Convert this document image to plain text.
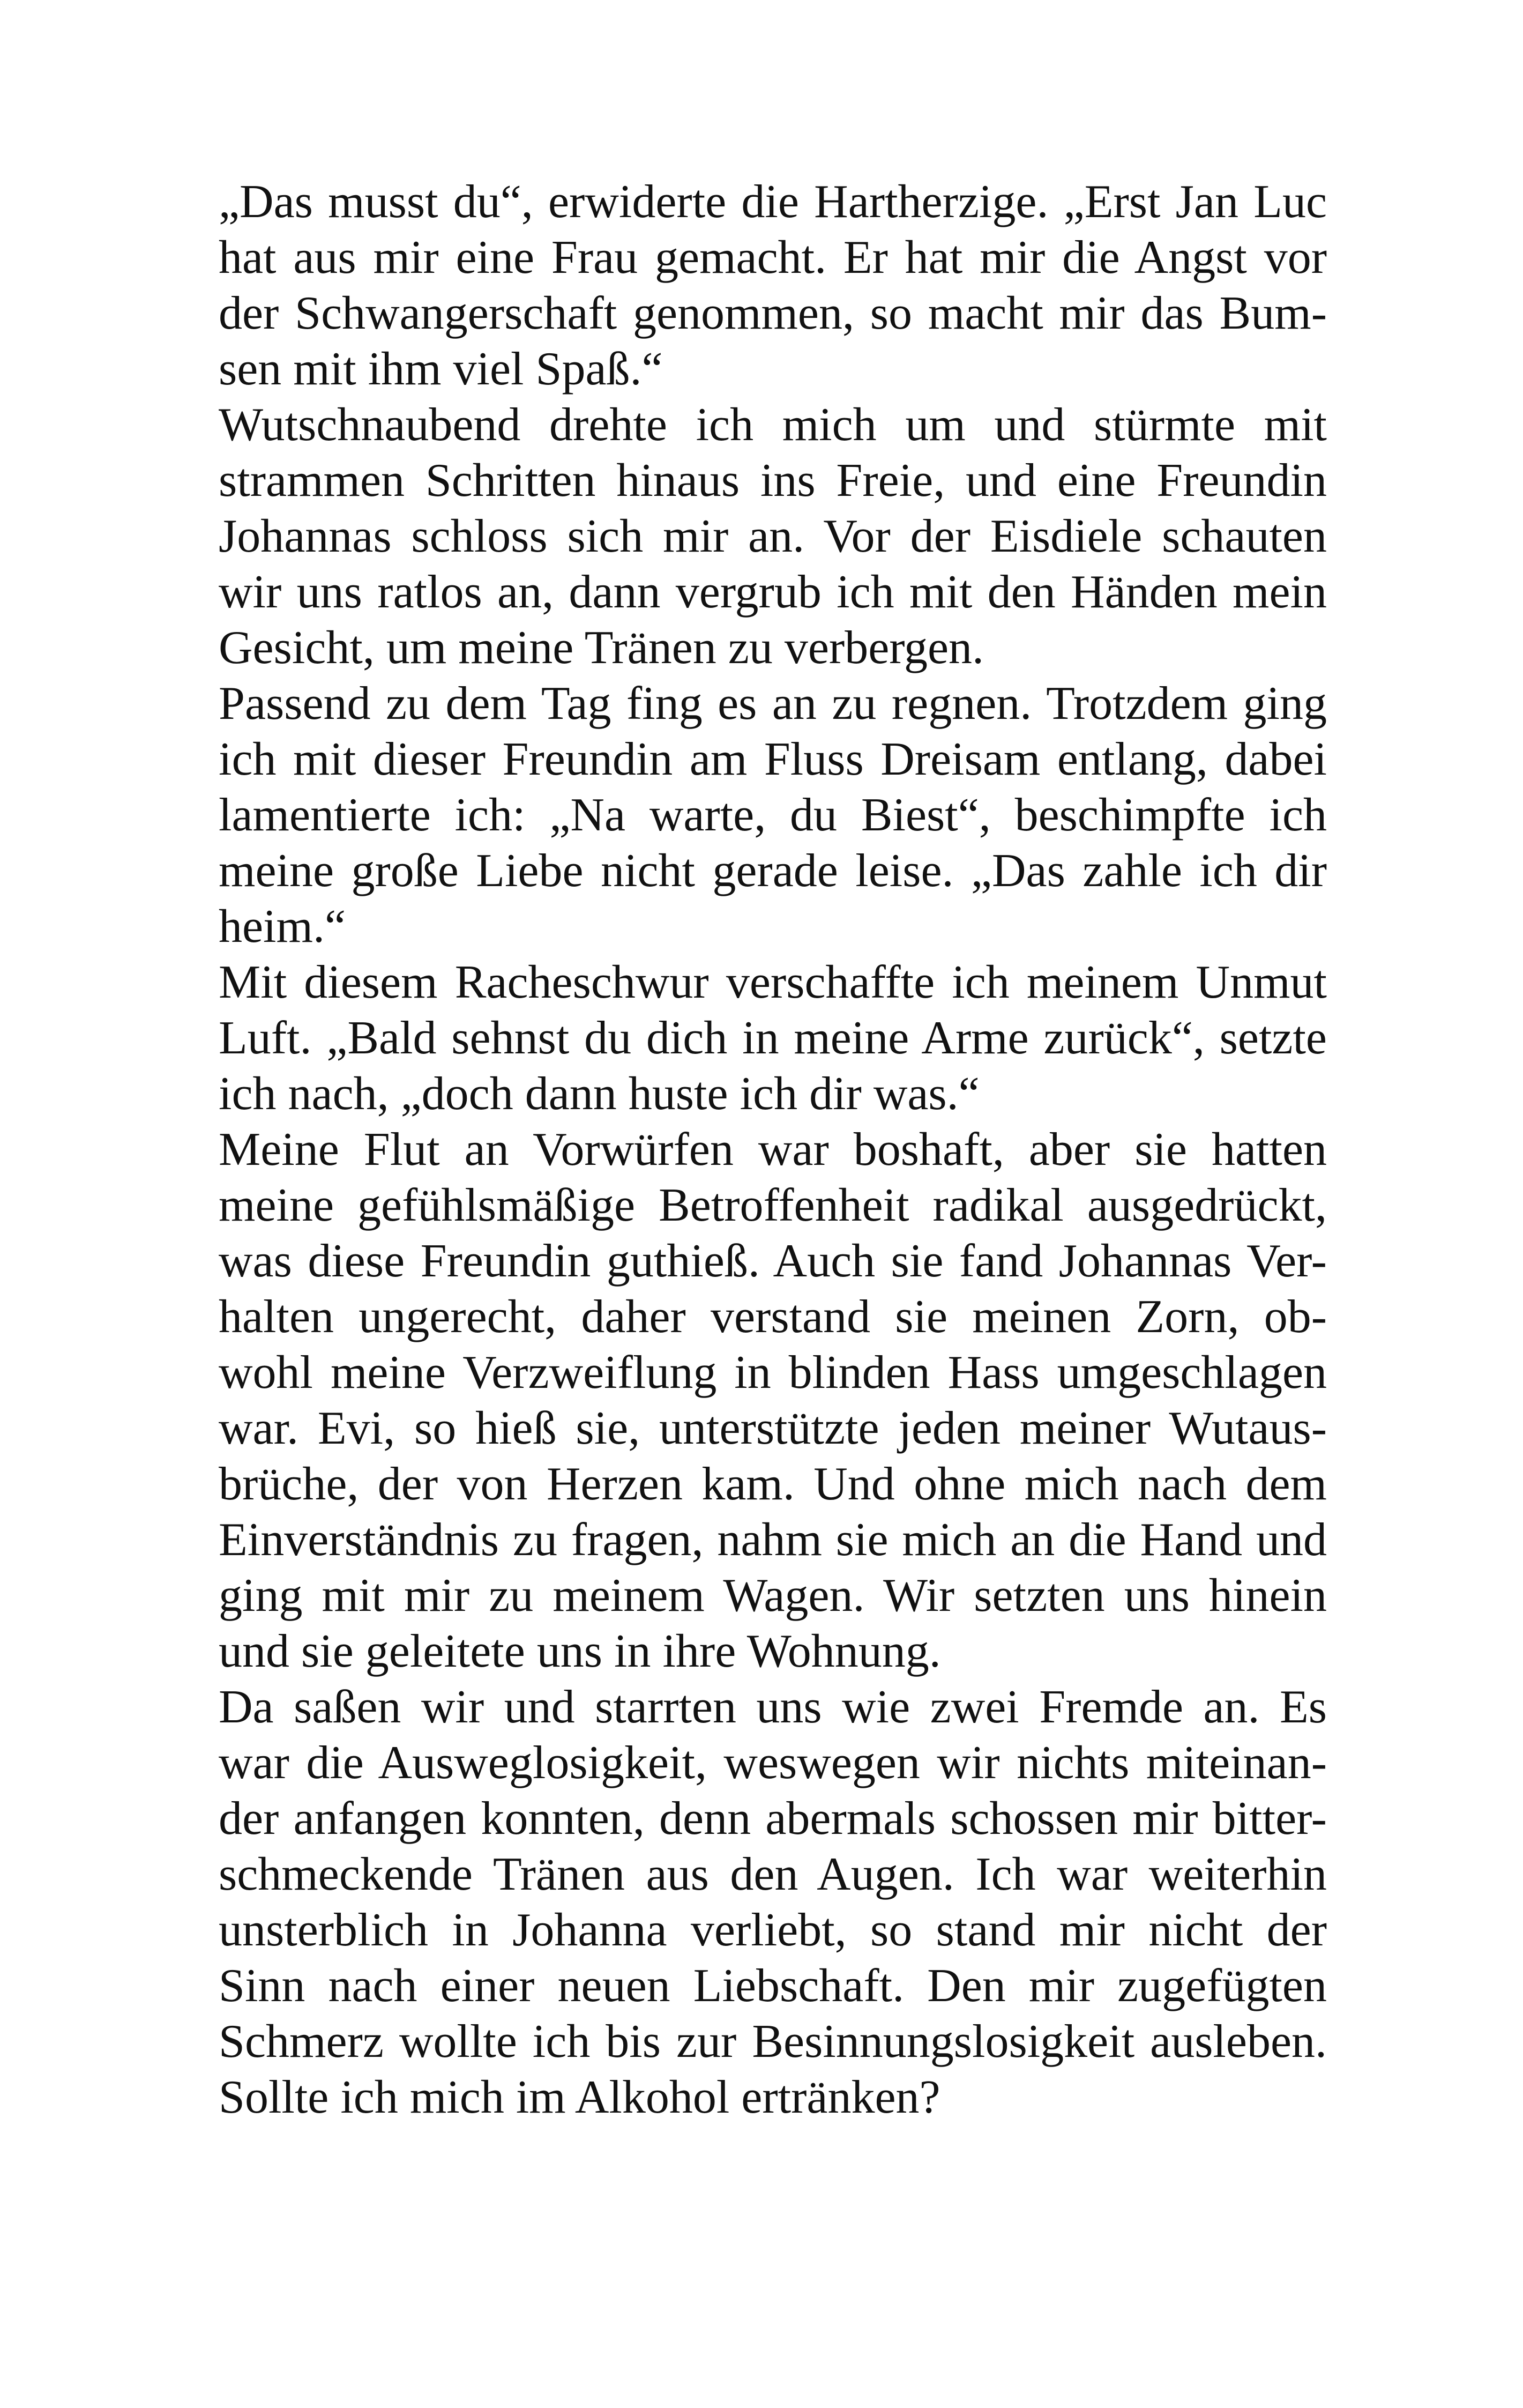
„Das musst du“, erwiderte die Hartherzige. „Erst Jan Luc
hat aus mir eine Frau gemacht. Er hat mir die Angst vor
der Schwangerschaft genommen, so macht mir das Bum-
sen mit ihm viel Spaß.“
Wutschnaubend drehte ich mich um und stürmte mit
strammen Schritten hinaus ins Freie, und eine Freundin
Johannas schloss sich mir an. Vor der Eisdiele schauten
wir uns ratlos an, dann vergrub ich mit den Händen mein
Gesicht, um meine Tränen zu verbergen.
Passend zu dem Tag fing es an zu regnen. Trotzdem ging
ich mit dieser Freundin am Fluss Dreisam entlang, dabei
lamentierte ich: „Na warte, du Biest“, beschimpfte ich
meine große Liebe nicht gerade leise. „Das zahle ich dir
heim.“
Mit diesem Racheschwur verschaffte ich meinem Unmut
Luft. „Bald sehnst du dich in meine Arme zurück“, setzte
ich nach, „doch dann huste ich dir was.“
Meine Flut an Vorwürfen war boshaft, aber sie hatten
meine gefühlsmäßige Betroffenheit radikal ausgedrückt,
was diese Freundin guthieß. Auch sie fand Johannas Ver-
halten ungerecht, daher verstand sie meinen Zorn, ob-
wohl meine Verzweiflung in blinden Hass umgeschlagen
war. Evi, so hieß sie, unterstützte jeden meiner Wutaus-
brüche, der von Herzen kam. Und ohne mich nach dem
Einverständnis zu fragen, nahm sie mich an die Hand und
ging mit mir zu meinem Wagen. Wir setzten uns hinein
und sie geleitete uns in ihre Wohnung.
Da saßen wir und starrten uns wie zwei Fremde an. Es
war die Ausweglosigkeit, weswegen wir nichts miteinan-
der anfangen konnten, denn abermals schossen mir bitter-
schmeckende Tränen aus den Augen. Ich war weiterhin
unsterblich in Johanna verliebt, so stand mir nicht der
Sinn nach einer neuen Liebschaft. Den mir zugefügten
Schmerz wollte ich bis zur Besinnungslosigkeit ausleben.
Sollte ich mich im Alkohol ertränken?
